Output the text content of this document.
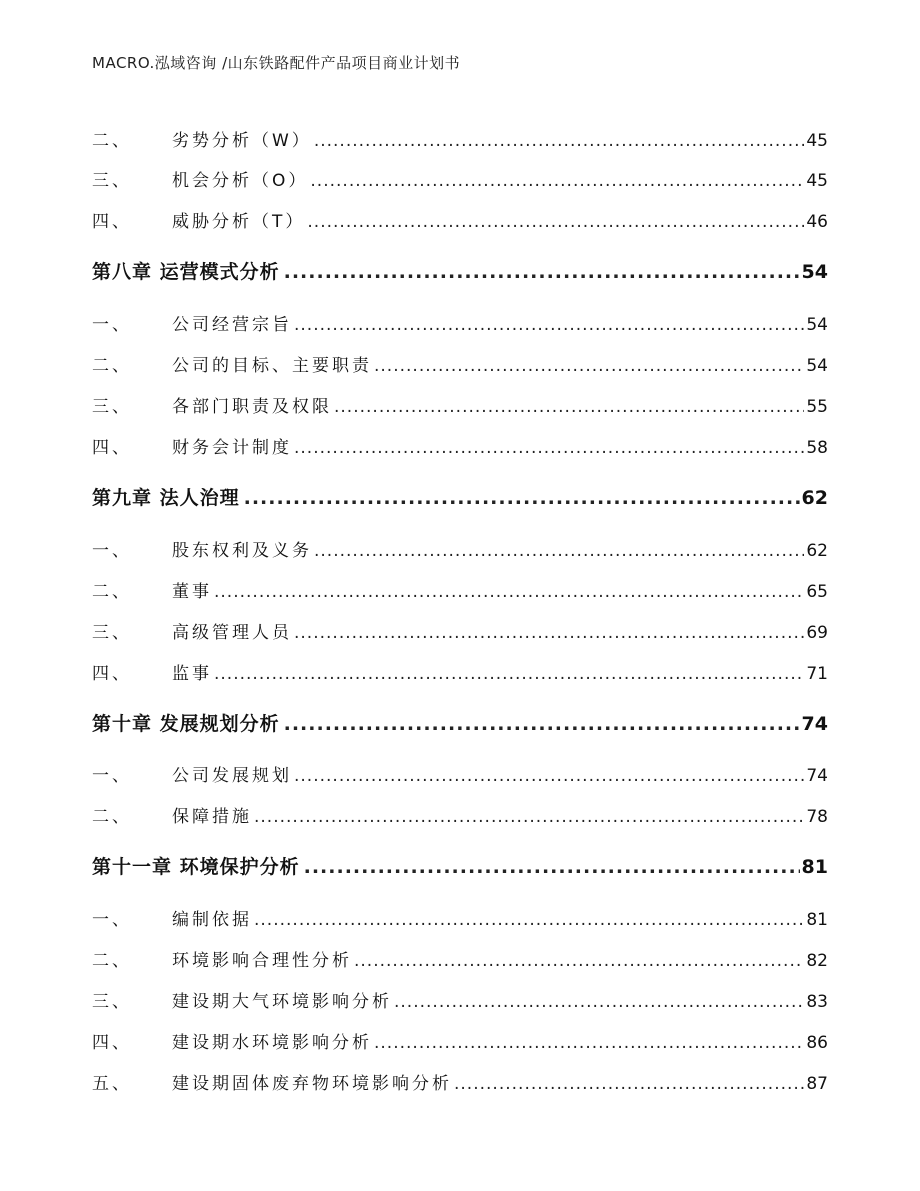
MACRO.泓域咨询 /山东铁路配件产品项目商业计划书
二、	劣势分析（W） .....	45
三、	机会分析（O） .....	45
四、	威胁分析（T） .....	46
第八章 运营模式分析 .....	54
一、	公司经营宗旨 .....	54
二、	公司的目标、主要职责 .....	54
三、	各部门职责及权限 .....	55
四、	财务会计制度 .....	58
第九章 法人治理 .....	62
一、	股东权利及义务 .....	62
二、	董事 .....	65
三、	高级管理人员 .....	69
四、	监事 .....	71
第十章 发展规划分析 .....	74
一、	公司发展规划 .....	74
二、	保障措施 .....	78
第十一章 环境保护分析 .....	81
一、	编制依据 .....	81
二、	环境影响合理性分析 .....	82
三、	建设期大气环境影响分析 .....	83
四、	建设期水环境影响分析 .....	86
五、	建设期固体废弃物环境影响分析 .....	87
